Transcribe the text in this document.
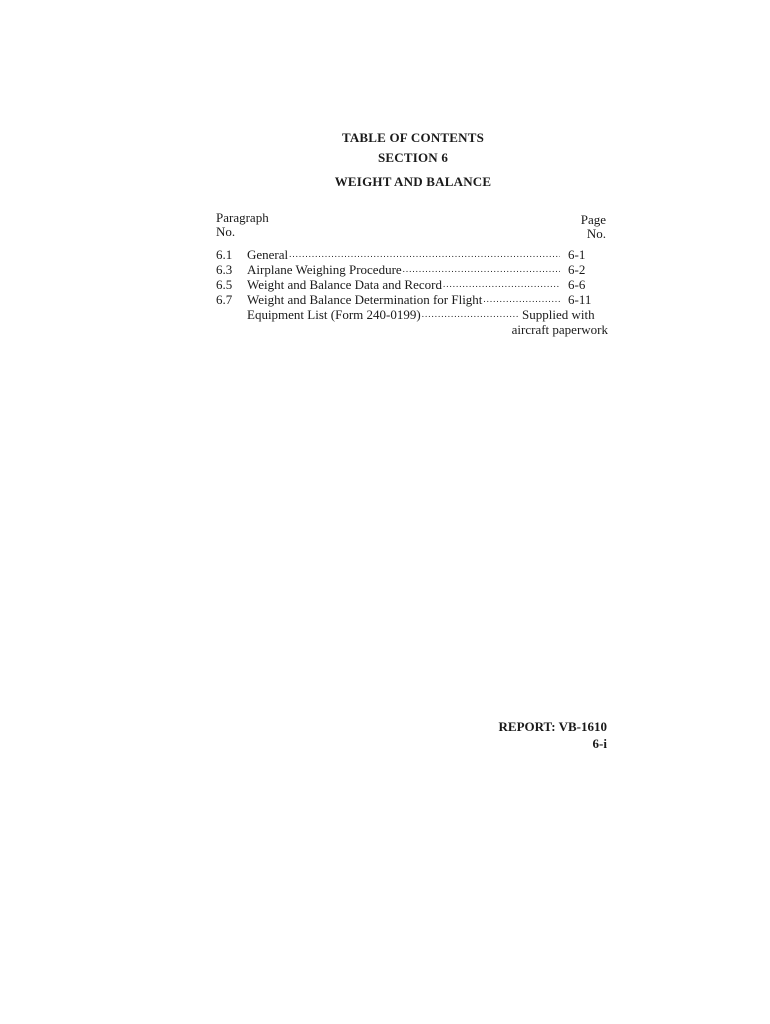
TABLE OF CONTENTS
SECTION 6
WEIGHT AND BALANCE
Paragraph
No.
Page
No.
6.1	General .....	6-1
6.3	Airplane Weighing Procedure .....	6-2
6.5	Weight and Balance Data and Record .....	6-6
6.7	Weight and Balance Determination for Flight .....	6-11
Equipment List (Form 240-0199) .....	Supplied with
aircraft paperwork
REPORT: VB-1610
6-i
